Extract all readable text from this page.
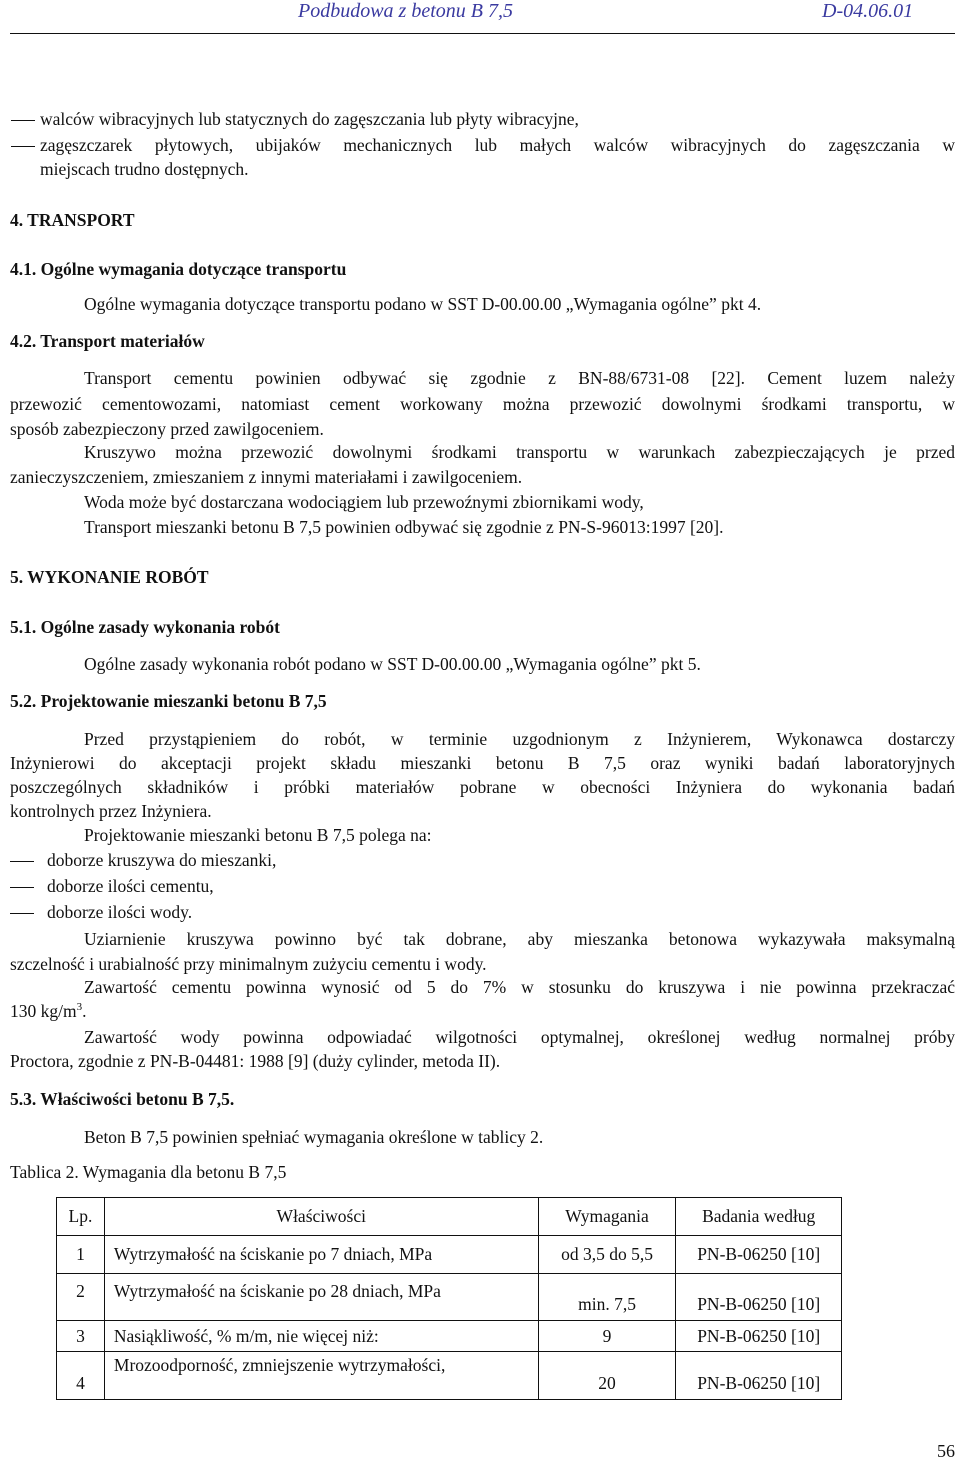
Podbudowa z betonu B 7,5	D-04.06.01
walców wibracyjnych lub statycznych do zagęszczania lub płyty wibracyjne,
zagęszczarek płytowych, ubijaków mechanicznych lub małych walców wibracyjnych do zagęszczania w
miejscach trudno dostępnych.
4. TRANSPORT
4.1. Ogólne wymagania dotyczące transportu
Ogólne wymagania dotyczące transportu podano w SST D-00.00.00 „Wymagania ogólne” pkt 4.
4.2. Transport materiałów
Transport cementu powinien odbywać się zgodnie z BN-88/6731-08 [22]. Cement luzem należy
przewozić cementowozami, natomiast cement workowany można przewozić dowolnymi środkami transportu, w
sposób zabezpieczony przed zawilgoceniem.
Kruszywo można przewozić dowolnymi środkami transportu w warunkach zabezpieczających je przed
zanieczyszczeniem, zmieszaniem z innymi materiałami i zawilgoceniem.
Woda może być dostarczana wodociągiem lub przewoźnymi zbiornikami wody,
Transport mieszanki betonu B 7,5 powinien odbywać się zgodnie z PN-S-96013:1997 [20].
5. WYKONANIE ROBÓT
5.1. Ogólne zasady wykonania robót
Ogólne zasady wykonania robót podano w SST D-00.00.00 „Wymagania ogólne” pkt 5.
5.2. Projektowanie mieszanki betonu B 7,5
Przed przystąpieniem do robót, w terminie uzgodnionym z Inżynierem, Wykonawca dostarczy
Inżynierowi do akceptacji projekt składu mieszanki betonu B 7,5 oraz wyniki badań laboratoryjnych
poszczególnych składników i próbki materiałów pobrane w obecności Inżyniera do wykonania badań
kontrolnych przez Inżyniera.
Projektowanie mieszanki betonu B 7,5 polega na:
doborze kruszywa do mieszanki,
doborze ilości cementu,
doborze ilości wody.
Uziarnienie kruszywa powinno być tak dobrane, aby mieszanka betonowa wykazywała maksymalną
szczelność i urabialność przy minimalnym zużyciu cementu i wody.
Zawartość cementu powinna wynosić od 5 do 7% w stosunku do kruszywa i nie powinna przekraczać
130 $kg/m^3$.
Zawartość wody powinna odpowiadać wilgotności optymalnej, określonej według normalnej próby
Proctora, zgodnie z PN-B-04481: 1988 [9] (duży cylinder, metoda II).
5.3. Właściwości betonu B 7,5.
Beton B 7,5 powinien spełniać wymagania określone w tablicy 2.
Tablica 2. Wymagania dla betonu B 7,5
Lp.	Właściwości	Wymagania	Badania według
1	Wytrzymałość na ściskanie po 7 dniach, MPa	od 3,5 do 5,5	PN-B-06250 [10]
2	Wytrzymałość na ściskanie po 28 dniach, MPa	min. 7,5	PN-B-06250 [10]
3	Nasiąkliwość, % m/m, nie więcej niż:	9	PN-B-06250 [10]
4	Mrozoodporność, zmniejszenie wytrzymałości,	20	PN-B-06250 [10]
56
